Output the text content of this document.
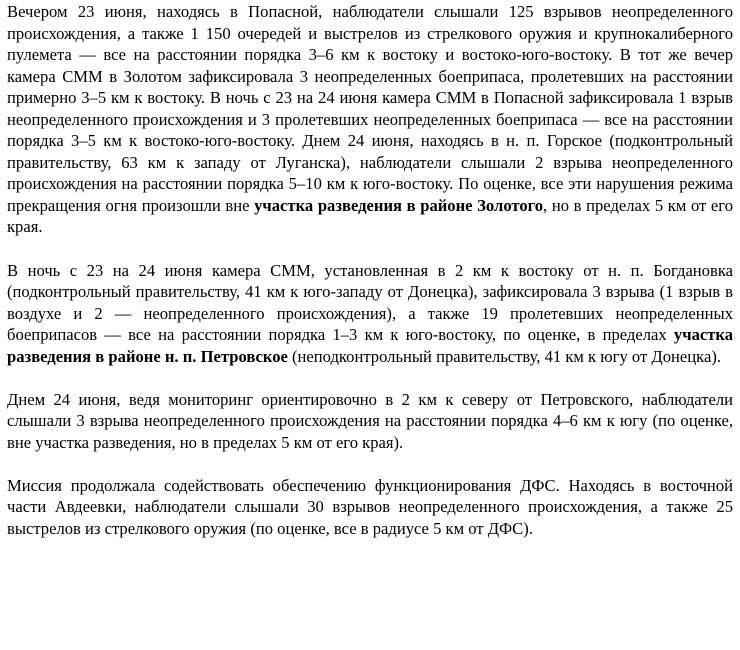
Вечером 23 июня, находясь в Попасной, наблюдатели слышали 125 взрывов неопределенного происхождения, а также 1 150 очередей и выстрелов из стрелкового оружия и крупнокалиберного пулемета — все на расстоянии порядка 3–6 км к востоку и востоко-юго-востоку. В тот же вечер камера СММ в Золотом зафиксировала 3 неопределенных боеприпаса, пролетевших на расстоянии примерно 3–5 км к востоку. В ночь с 23 на 24 июня камера СММ в Попасной зафиксировала 1 взрыв неопределенного происхождения и 3 пролетевших неопределенных боеприпаса — все на расстоянии порядка 3–5 км к востоко-юго-востоку. Днем 24 июня, находясь в н. п. Горское (подконтрольный правительству, 63 км к западу от Луганска), наблюдатели слышали 2 взрыва неопределенного происхождения на расстоянии порядка 5–10 км к юго-востоку. По оценке, все эти нарушения режима прекращения огня произошли вне участка разведения в районе Золотого, но в пределах 5 км от его края.

В ночь с 23 на 24 июня камера СММ, установленная в 2 км к востоку от н. п. Богдановка (подконтрольный правительству, 41 км к юго-западу от Донецка), зафиксировала 3 взрыва (1 взрыв в воздухе и 2 — неопределенного происхождения), а также 19 пролетевших неопределенных боеприпасов — все на расстоянии порядка 1–3 км к юго-востоку, по оценке, в пределах участка разведения в районе н. п. Петровское (неподконтрольный правительству, 41 км к югу от Донецка).

Днем 24 июня, ведя мониторинг ориентировочно в 2 км к северу от Петровского, наблюдатели слышали 3 взрыва неопределенного происхождения на расстоянии порядка 4–6 км к югу (по оценке, вне участка разведения, но в пределах 5 км от его края).

Миссия продолжала содействовать обеспечению функционирования ДФС. Находясь в восточной части Авдеевки, наблюдатели слышали 30 взрывов неопределенного происхождения, а также 25 выстрелов из стрелкового оружия (по оценке, все в радиусе 5 км от ДФС).
